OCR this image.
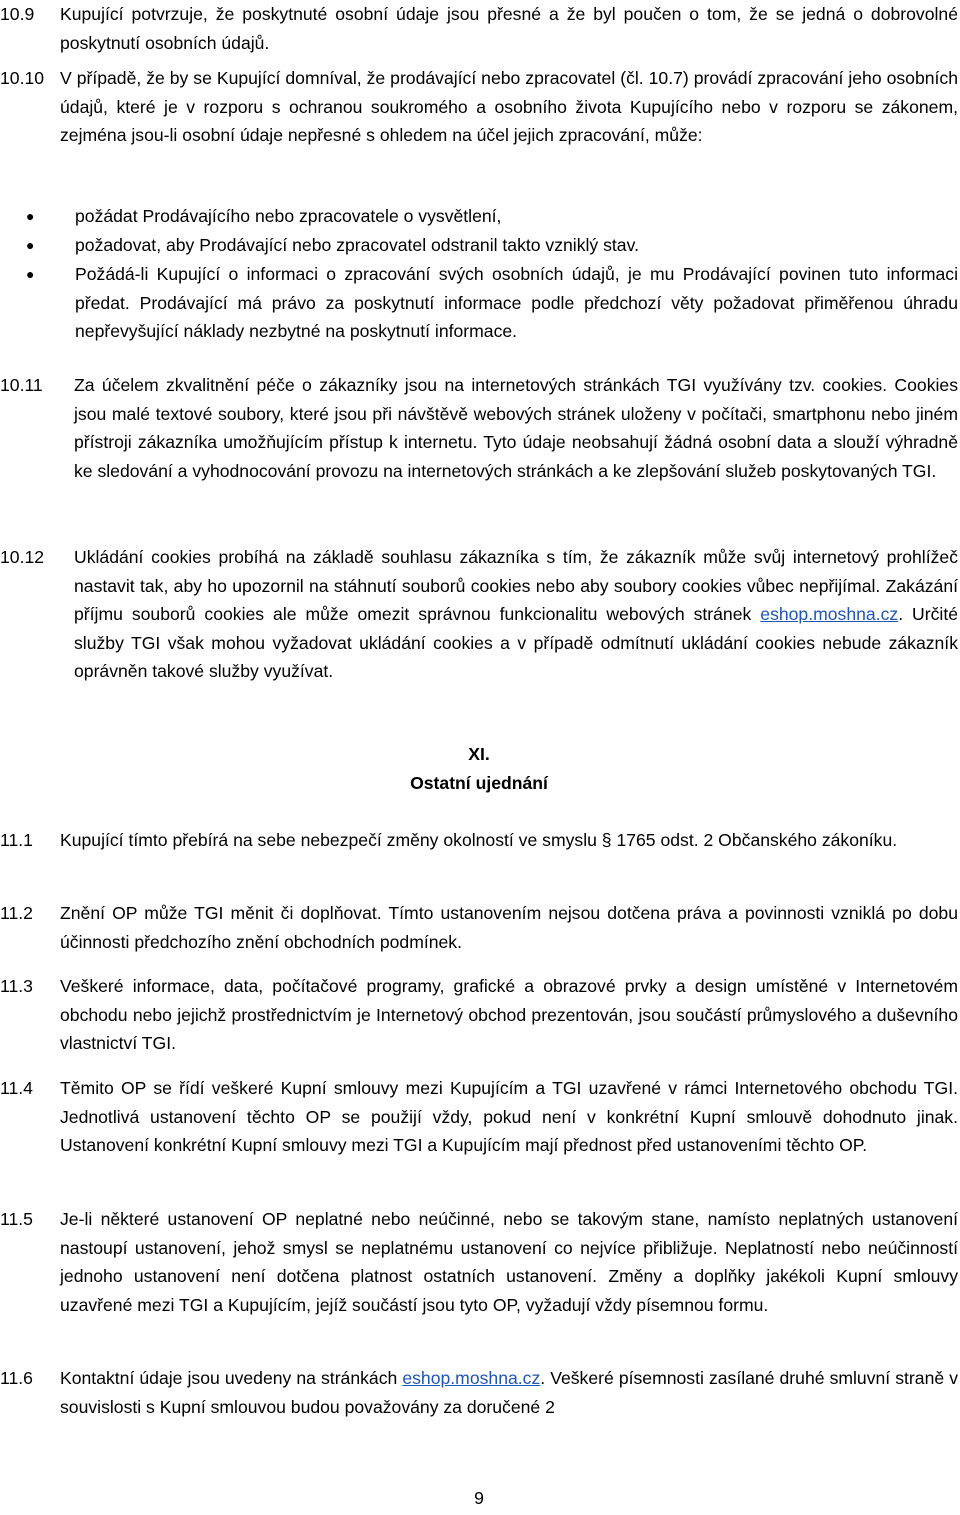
10.9 Kupující potvrzuje, že poskytnuté osobní údaje jsou přesné a že byl poučen o tom, že se jedná o dobrovolné poskytnutí osobních údajů.

10.10 V případě, že by se Kupující domníval, že prodávající nebo zpracovatel (čl. 10.7) provádí zpracování jeho osobních údajů, které je v rozporu s ochranou soukromého a osobního života Kupujícího nebo v rozporu se zákonem, zejména jsou-li osobní údaje nepřesné s ohledem na účel jejich zpracování, může:

● požádat Prodávajícího nebo zpracovatele o vysvětlení,

● požadovat, aby Prodávající nebo zpracovatel odstranil takto vzniklý stav.

● Požádá-li Kupující o informaci o zpracování svých osobních údajů, je mu Prodávající povinen tuto informaci předat. Prodávající má právo za poskytnutí informace podle předchozí věty požadovat přiměřenou úhradu nepřevyšující náklady nezbytné na poskytnutí informace.

10.11 Za účelem zkvalitnění péče o zákazníky jsou na internetových stránkách TGI využívány tzv. cookies. Cookies jsou malé textové soubory, které jsou při návštěvě webových stránek uloženy v počítači, smartphonu nebo jiném přístroji zákazníka umožňujícím přístup k internetu. Tyto údaje neobsahují žádná osobní data a slouží výhradně ke sledování a vyhodnocování provozu na internetových stránkách a ke zlepšování služeb poskytovaných TGI.

10.12 Ukládání cookies probíhá na základě souhlasu zákazníka s tím, že zákazník může svůj internetový prohlížeč nastavit tak, aby ho upozornil na stáhnutí souborů cookies nebo aby soubory cookies vůbec nepřijímal. Zakázání příjmu souborů cookies ale může omezit správnou funkcionalitu webových stránek eshop.moshna.cz. Určité služby TGI však mohou vyžadovat ukládání cookies a v případě odmítnutí ukládání cookies nebude zákazník oprávněn takové služby využívat.

XI.
Ostatní ujednání
11.1 Kupující tímto přebírá na sebe nebezpečí změny okolností ve smyslu § 1765 odst. 2 Občanského zákoníku.

11.2 Znění OP může TGI měnit či doplňovat. Tímto ustanovením nejsou dotčena práva a povinnosti vzniklá po dobu účinnosti předchozího znění obchodních podmínek.

11.3 Veškeré informace, data, počítačové programy, grafické a obrazové prvky a design umístěné v Internetovém obchodu nebo jejichž prostřednictvím je Internetový obchod prezentován, jsou součástí průmyslového a duševního vlastnictví TGI.

11.4 Těmito OP se řídí veškeré Kupní smlouvy mezi Kupujícím a TGI uzavřené v rámci Internetového obchodu TGI. Jednotlivá ustanovení těchto OP se použijí vždy, pokud není v konkrétní Kupní smlouvě dohodnuto jinak. Ustanovení konkrétní Kupní smlouvy mezi TGI a Kupujícím mají přednost před ustanoveními těchto OP.

11.5 Je-li některé ustanovení OP neplatné nebo neúčinné, nebo se takovým stane, namísto neplatných ustanovení nastoupí ustanovení, jehož smysl se neplatnému ustanovení co nejvíce přibližuje. Neplatností nebo neúčinností jednoho ustanovení není dotčena platnost ostatních ustanovení. Změny a doplňky jakékoli Kupní smlouvy uzavřené mezi TGI a Kupujícím, jejíž součástí jsou tyto OP, vyžadují vždy písemnou formu.

11.6 Kontaktní údaje jsou uvedeny na stránkách eshop.moshna.cz. Veškeré písemnosti zasílané druhé smluvní straně v souvislosti s Kupní smlouvou budou považovány za doručené 2

9
